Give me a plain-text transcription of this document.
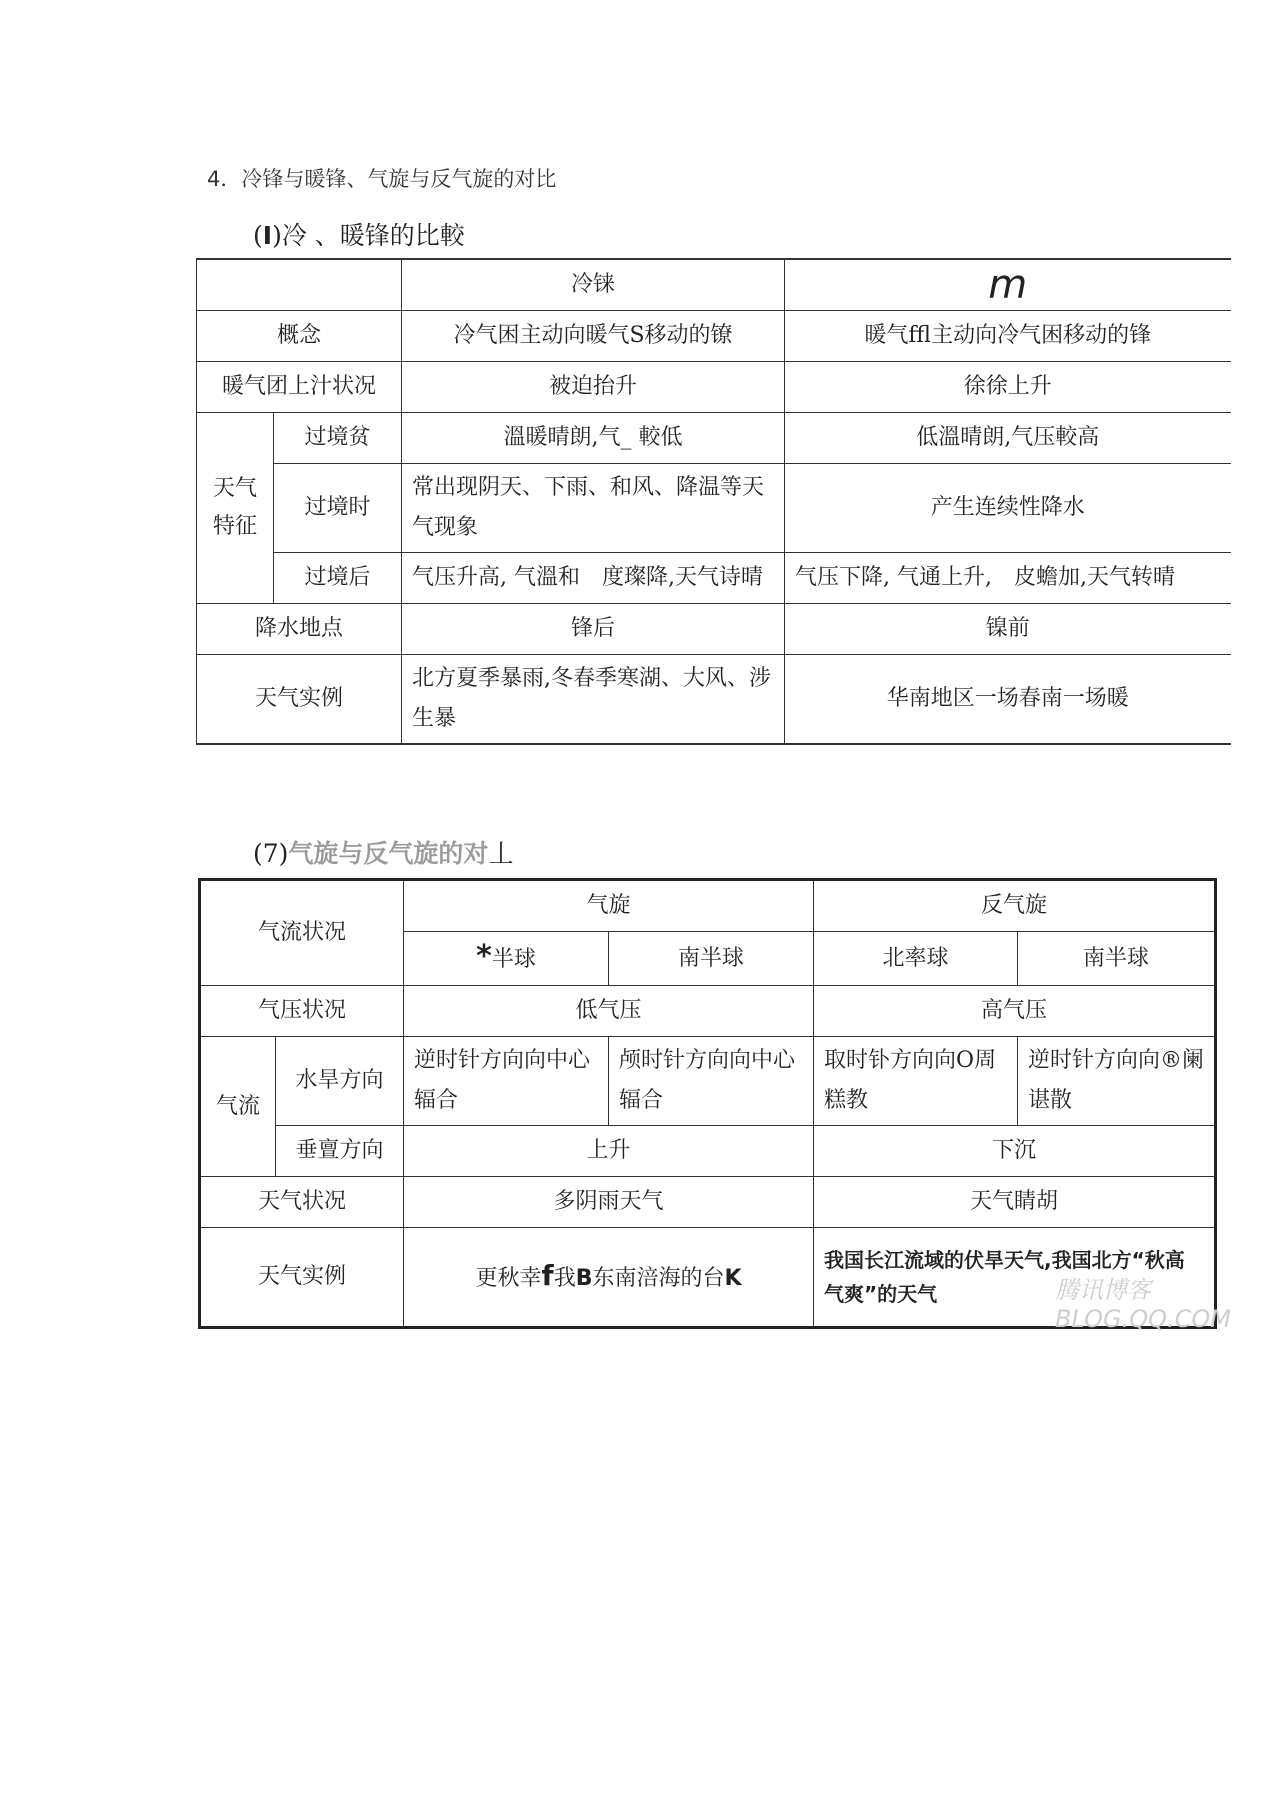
4．冷锋与暖锋、气旋与反气旋的对比
(I)冷 、暖锋的比較
		冷铼	m
概念		冷气困主动向暖气S移动的镣	暖气ffl主动向冷气困移动的锋
暖气团上汁状况		被迫抬升	徐徐上升
天气特征	过境贫	溫暖晴朗,气_ 較低	低溫晴朗,气压較高
	过境时	常出现阴天、下雨、和风、降温等天气现象	产生连续性降水
	过境后	气压升高, 气溫和　度璨降,天气诗晴	气压下降, 气通上升,　皮蟾加,天气转晴
降水地点		锋后	镍前
天气实例		北方夏季暴雨,冬春季寒湖、大风、涉生暴	华南地区一场春南一场暖
(7)气旋与反气旋的对丄
气流状况		气旋		反气旋	
		*半球	南半球	北率球	南半球
气压状况		低气压		高气压	
气流	水旱方向	逆时针方向向中心辐合	颅时针方向向中心辐合	取时钋方向向O周糕教	逆时针方向向®阑谌散
	垂亶方向	上升		下沉	
天气状况		多阴雨天气		天气睛胡	
天气实例		更秋幸f我B东南涪海的台K		我国长江流域的伏旱天气,我国北方“秋高气爽”的天气		腾讯博客 BLOG.QQ.COM
